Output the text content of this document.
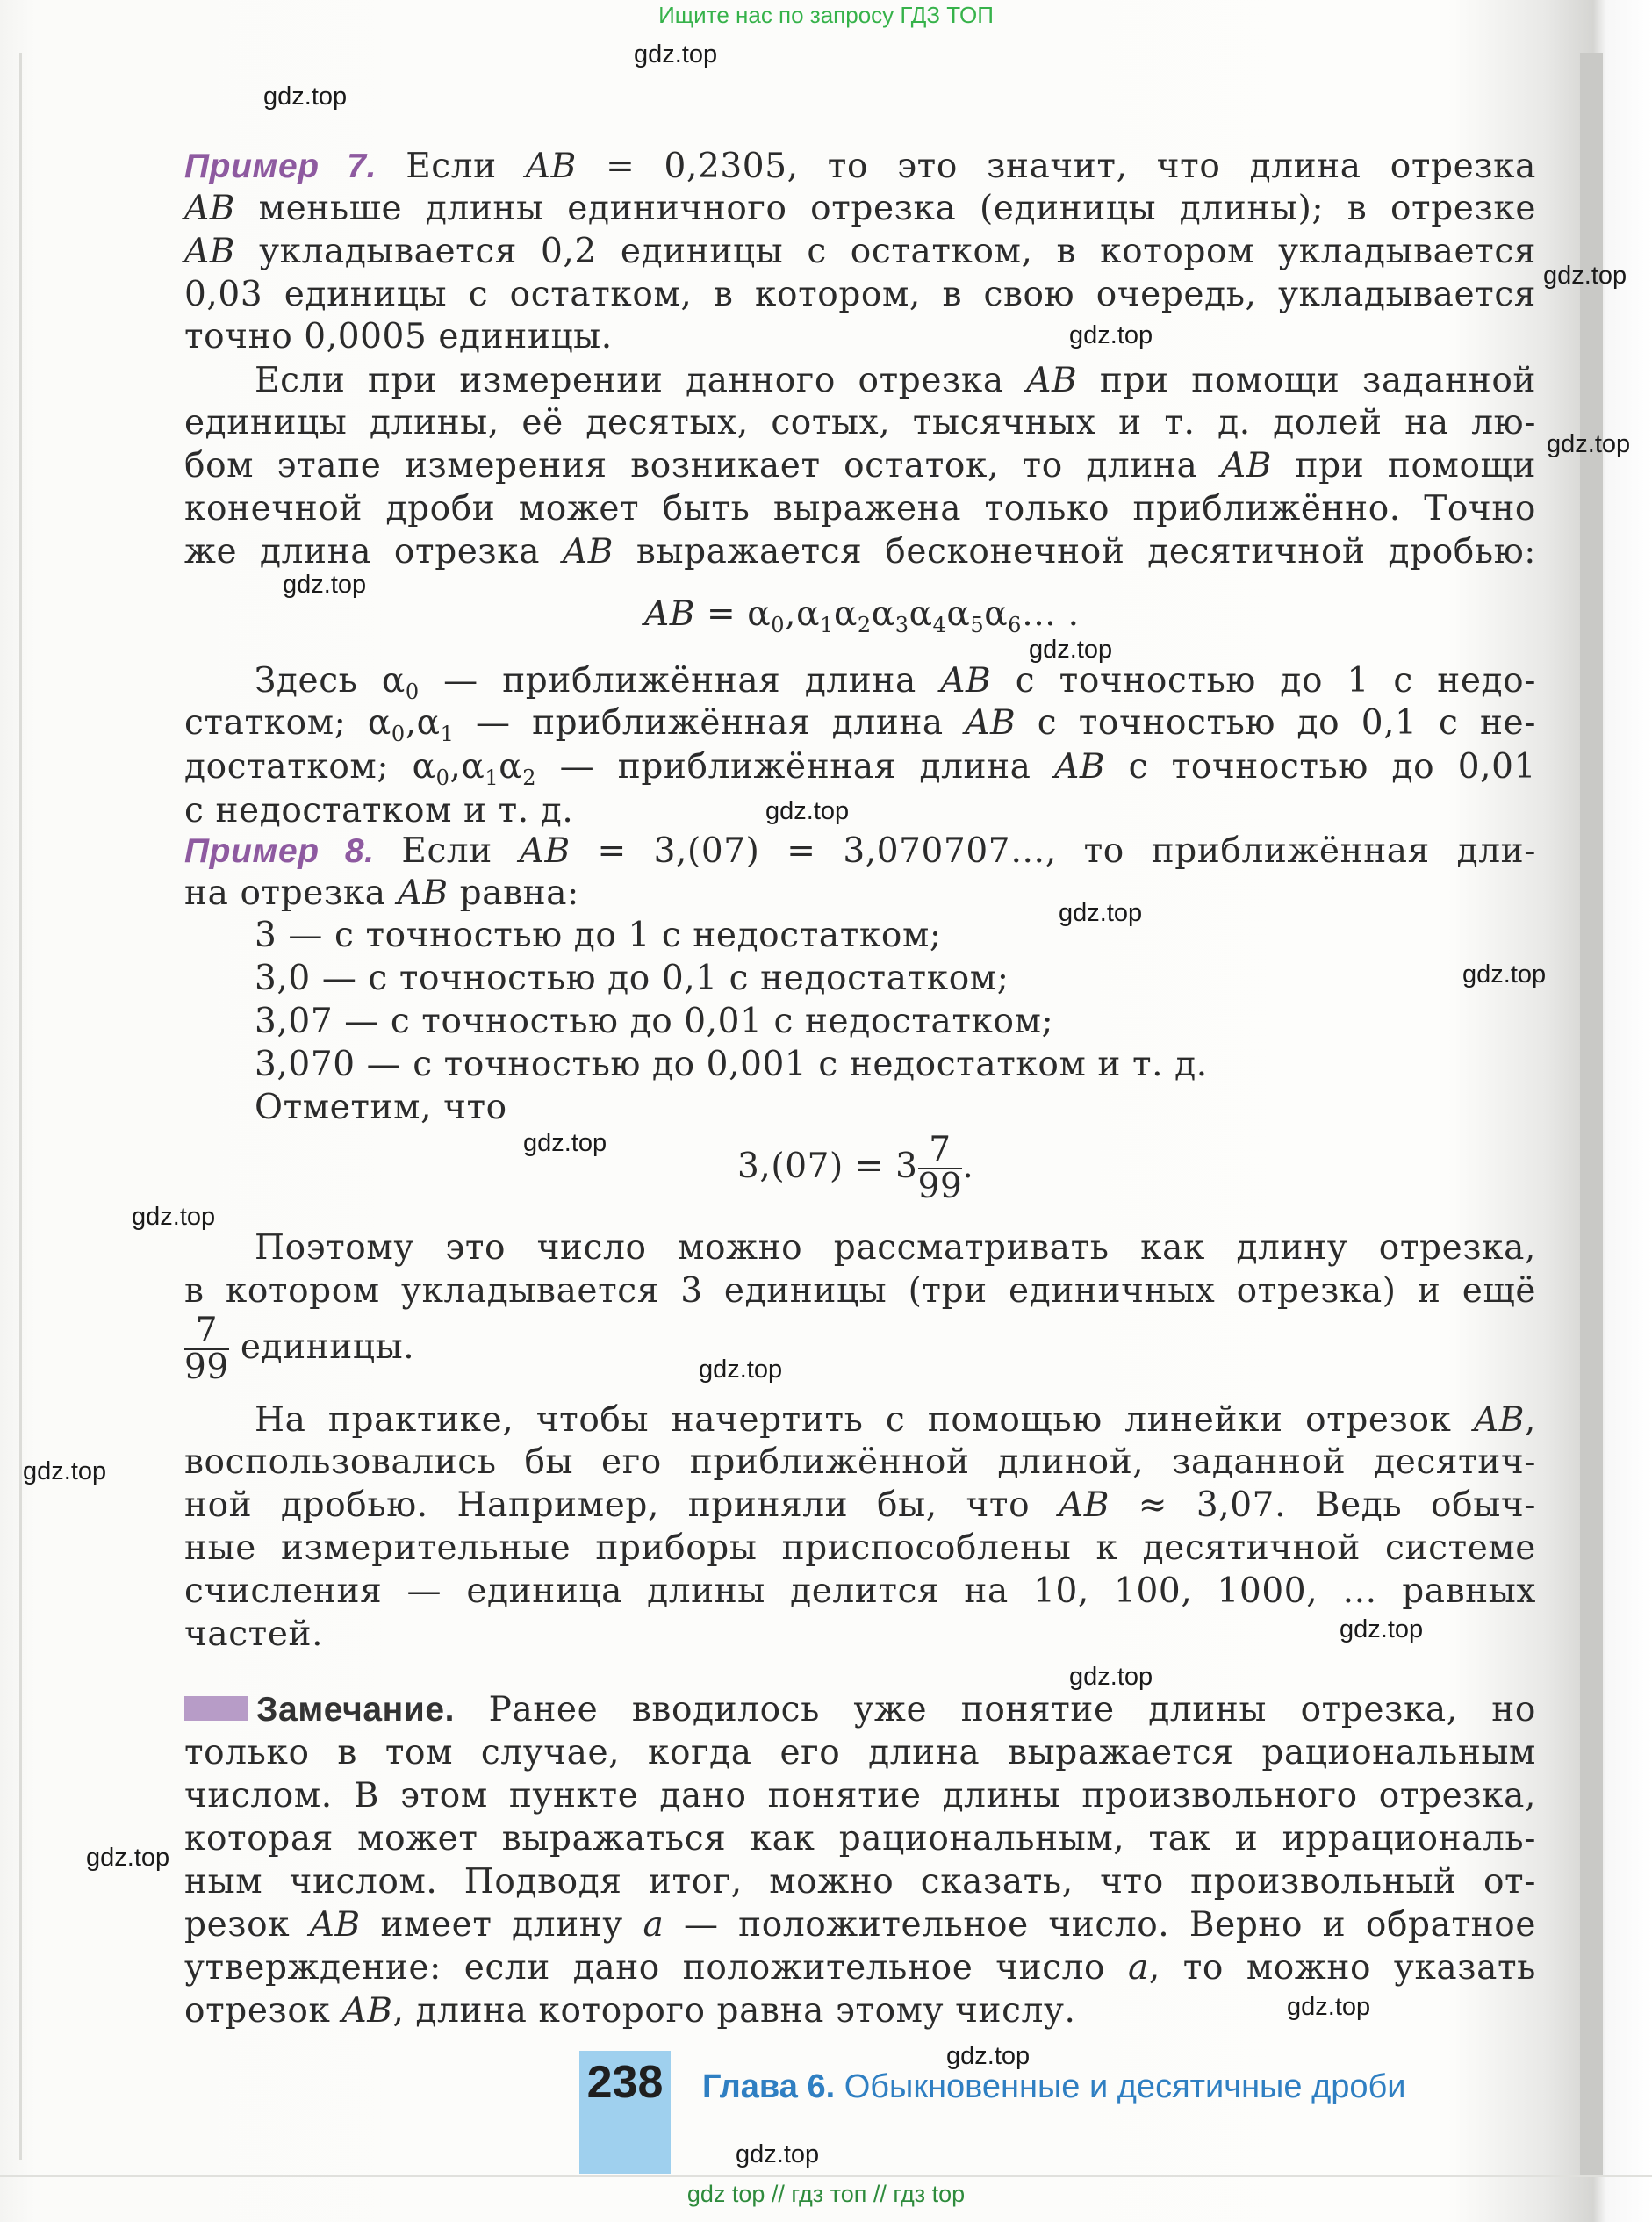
Ищите нас по запросу ГДЗ ТОП
gdz.top
gdz.top
gdz.top
gdz.top
gdz.top
gdz.top
gdz.top
gdz.top
gdz.top
gdz.top
gdz.top
gdz.top
gdz.top
gdz.top
gdz.top
gdz.top
gdz.top
gdz.top
gdz.top
gdz.top
Пример 7. Если AB = 0,2305, то это значит, что длина отрезка
AB меньше длины единичного отрезка (единицы длины); в отрезке
AB укладывается 0,2 единицы с остатком, в котором укладывается
0,03 единицы с остатком, в котором, в свою очередь, укладывается
точно 0,0005 единицы.
Если при измерении данного отрезка AB при помощи заданной
единицы длины, её десятых, сотых, тысячных и т. д. долей на лю-
бом этапе измерения возникает остаток, то длина AB при помощи
конечной дроби может быть выражена только приближённо. Точно
же длина отрезка AB выражается бесконечной десятичной дробью:
AB = $\alpha_0,\alpha_1\alpha_2\alpha_3\alpha_4\alpha_5\alpha_6\dots$ .
Здесь $\alpha_0$ — приближённая длина AB с точностью до 1 с недо-
статком; $\alpha_0,\alpha_1$ — приближённая длина AB с точностью до 0,1 с не-
достатком; $\alpha_0,\alpha_1\alpha_2$ — приближённая длина AB с точностью до 0,01
с недостатком и т. д.
Пример 8. Если AB = 3,(07) = 3,070707…, то приближённая дли-
на отрезка AB равна:
3 — с точностью до 1 с недостатком;
3,0 — с точностью до 0,1 с недостатком;
3,07 — с точностью до 0,01 с недостатком;
3,070 — с точностью до 0,001 с недостатком и т. д.
Отметим, что
$3,(07) = 3 \frac{7}{99}$ .
Поэтому это число можно рассматривать как длину отрезка,
в котором укладывается 3 единицы (три единичных отрезка) и ещё
$\frac{7}{99}$ единицы.
На практике, чтобы начертить с помощью линейки отрезок AB,
воспользовались бы его приближённой длиной, заданной десятич-
ной дробью. Например, приняли бы, что AB ≈ 3,07. Ведь обыч-
ные измерительные приборы приспособлены к десятичной системе
счисления — единица длины делится на 10, 100, 1000, … равных
частей.
Замечание. Ранее вводилось уже понятие длины отрезка, но
только в том случае, когда его длина выражается рациональным
числом. В этом пункте дано понятие длины произвольного отрезка,
которая может выражаться как рациональным, так и иррациональ-
ным числом. Подводя итог, можно сказать, что произвольный от-
резок AB имеет длину a — положительное число. Верно и обратное
утверждение: если дано положительное число a, то можно указать
отрезок AB, длина которого равна этому числу.
238 Глава 6. Обыкновенные и десятичные дроби
gdz top // гдз топ // гдз top
